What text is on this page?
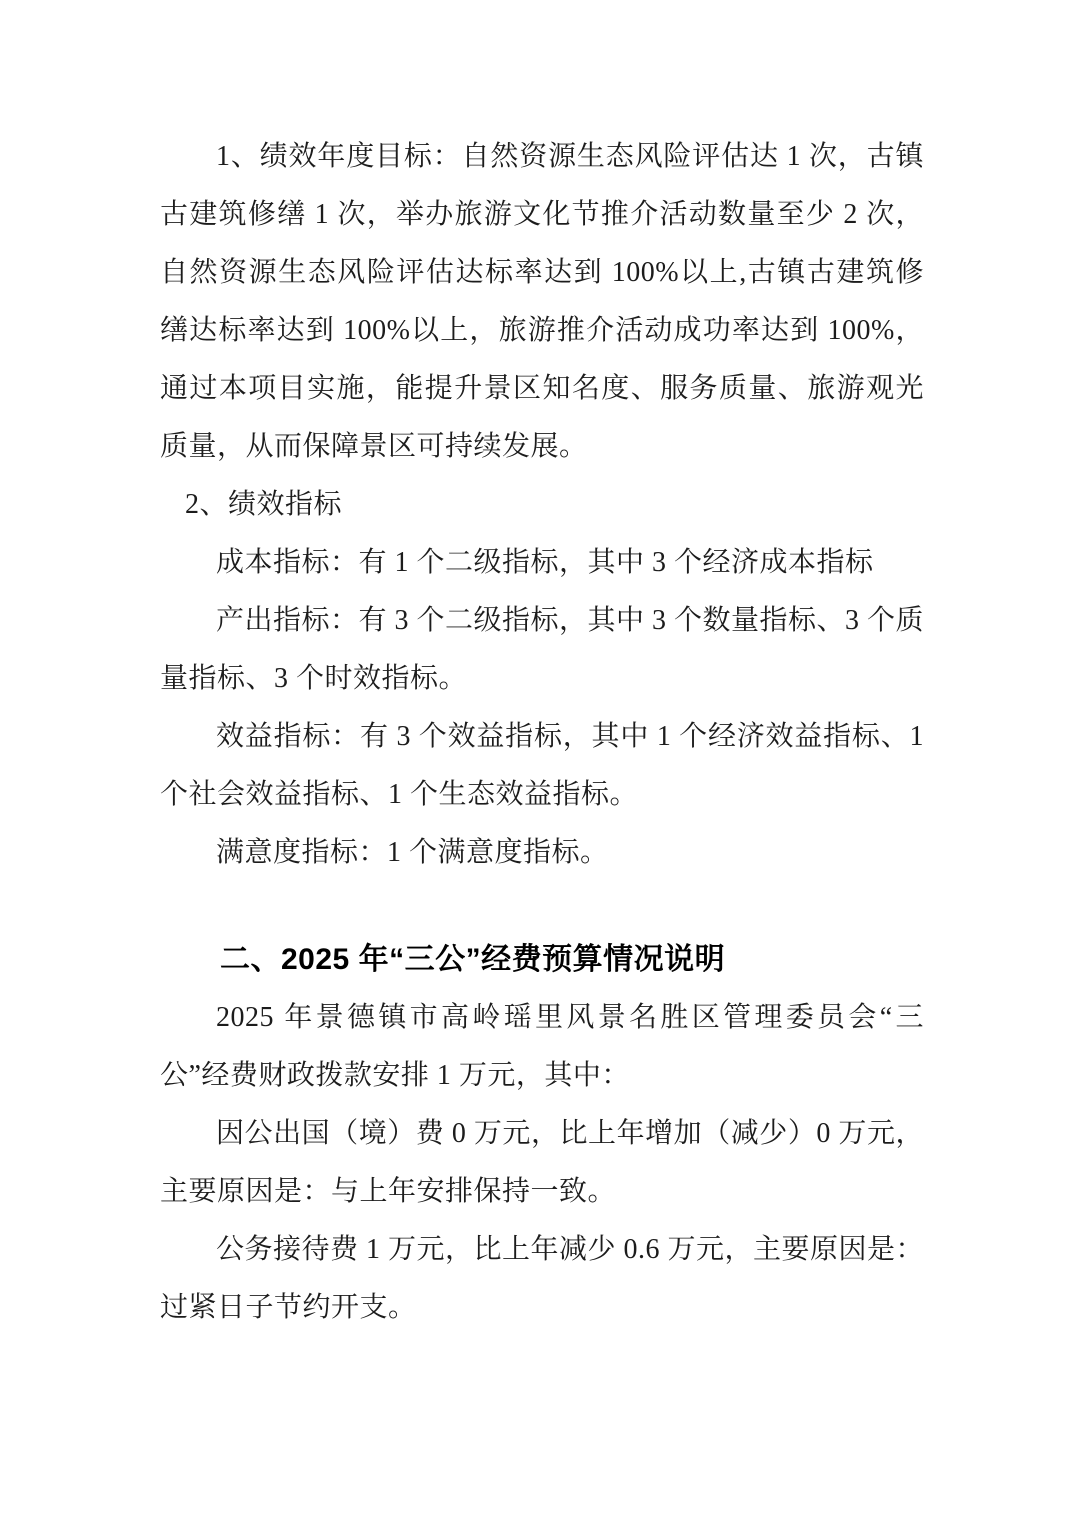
1、绩效年度目标：自然资源生态风险评估达 1 次，古镇古建筑修缮 1 次，举办旅游文化节推介活动数量至少 2 次，自然资源生态风险评估达标率达到 100%以上,古镇古建筑修缮达标率达到 100%以上，旅游推介活动成功率达到 100%，通过本项目实施，能提升景区知名度、服务质量、旅游观光质量，从而保障景区可持续发展。

2、绩效指标

成本指标：有 1 个二级指标，其中 3 个经济成本指标

产出指标：有 3 个二级指标，其中 3 个数量指标、3 个质量指标、3 个时效指标。

效益指标：有 3 个效益指标，其中 1 个经济效益指标、1 个社会效益指标、1 个生态效益指标。

满意度指标：1 个满意度指标。

二、2025 年“三公”经费预算情况说明

2025 年景德镇市高岭瑶里风景名胜区管理委员会“三公”经费财政拨款安排 1 万元，其中：

因公出国（境）费 0 万元，比上年增加（减少）0 万元，主要原因是：与上年安排保持一致。

公务接待费 1 万元，比上年减少 0.6 万元，主要原因是：过紧日子节约开支。
